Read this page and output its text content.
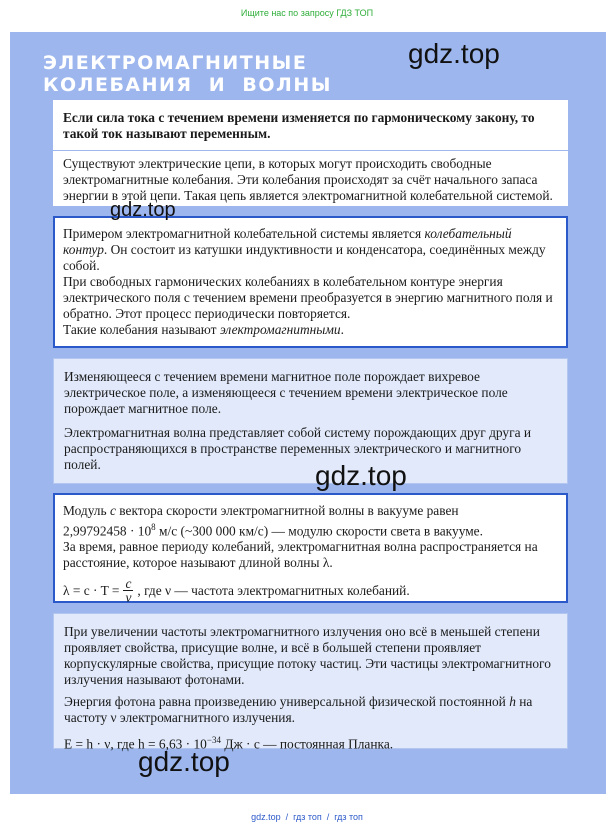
Ищите нас по запросу ГДЗ ТОП
ЭЛЕКТРОМАГНИТНЫЕ
КОЛЕБАНИЯ  И  ВОЛНЫ

Если сила тока с течением времени изменяется по гармоническому закону, то такой ток называют переменным.

Существуют электрические цепи, в которых могут происходить свободные электромагнитные колебания. Эти колебания происходят за счёт начального запаса энергии в этой цепи. Такая цепь является электромагнитной колебательной системой.

Примером электромагнитной колебательной системы является колебательный контур. Он состоит из катушки индуктивности и конденсатора, соединённых между собой.

При свободных гармонических колебаниях в колебательном контуре энергия электрического поля с течением времени преобразуется в энергию магнитного поля и обратно. Этот процесс периодически повторяется.

Такие колебания называют электромагнитными.

Изменяющееся с течением времени магнитное поле порождает вихревое электрическое поле, а изменяющееся с течением времени электрическое поле порождает магнитное поле.

Электромагнитная волна представляет собой систему порождающих друг друга и распространяющихся в пространстве переменных электрического и магнитного полей.

Модуль c вектора скорости электромагнитной волны в вакууме равен

$2,99792458 \cdot 10^8$ м/с (~300 000 км/с) — модулю скорости света в вакууме.

За время, равное периоду колебаний, электромагнитная волна распространяется на расстояние, которое называют длиной волны λ.

$\lambda = c \cdot T = \frac{c}{\nu}$ , где ν — частота электромагнитных колебаний.

При увеличении частоты электромагнитного излучения оно всё в меньшей степени проявляет свойства, присущие волне, и всё в большей степени проявляет корпускулярные свойства, присущие потоку частиц. Эти частицы электромагнитного излучения называют фотонами.

Энергия фотона равна произведению универсальной физической постоянной h на частоту ν электромагнитного излучения.

E = h · ν, где $h = 6,63 \cdot 10^{-34}$ Дж · с — постоянная Планка.

gdz.top
gdz.top
gdz.top
gdz.top
gdz.top  /  гдз топ  /  гдз топ
